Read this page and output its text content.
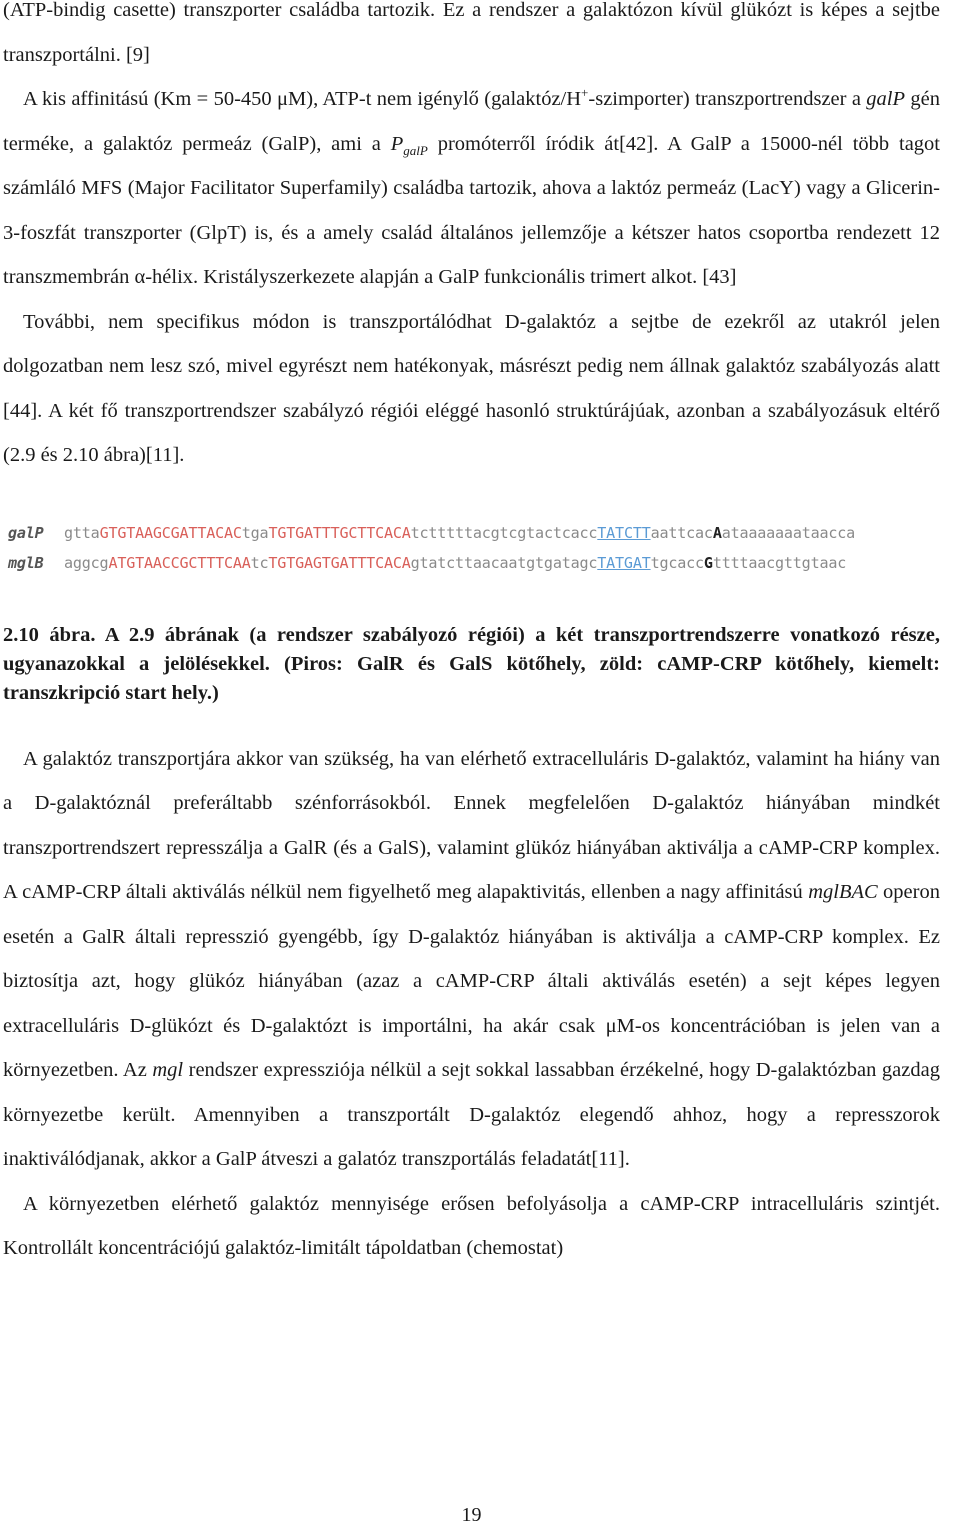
(ATP-bindig casette) transzporter családba tartozik. Ez a rendszer a galaktózon kívül glükózt is képes a sejtbe transzportálni. [9]

A kis affinitású (Km = 50-450 μM), ATP-t nem igénylő (galaktóz/H+-szimporter) transzportrendszer a galP gén terméke, a galaktóz permeáz (GalP), ami a $P_{galP}$ promóterről íródik át[42]. A GalP a 15000-nél több tagot számláló MFS (Major Facilitator Superfamily) családba tartozik, ahova a laktóz permeáz (LacY) vagy a Glicerin-3-foszfát transzporter (GlpT) is, és a amely család általános jellemzője a kétszer hatos csoportba rendezett 12 transzmembrán α-hélix. Kristályszerkezete alapján a GalP funkcionális trimert alkot. [43]

További, nem specifikus módon is transzportálódhat D-galaktóz a sejtbe de ezekről az utakról jelen dolgozatban nem lesz szó, mivel egyrészt nem hatékonyak, másrészt pedig nem állnak galaktóz szabályozás alatt [44]. A két fő transzportrendszer szabályzó régiói eléggé hasonló struktúrájúak, azonban a szabályozásuk eltérő (2.9 és 2.10 ábra)[11].

galP gttaGTGTAAGCGATTACACtgaTGTGATTTGCTTCACAtctttttacgtcgtactcaccTATCTTaattcacAataaaaaaataacca
mglB aggcgATGTAACCGCTTTCAAtcTGTGAGTGATTTCACAgtatcttaacaatgtgatagcTATGATtgcaccGttttaacgttgtaac

2.10 ábra. A 2.9 ábrának (a rendszer szabályozó régiói) a két transzportrendszerre vonatkozó része, ugyanazokkal a jelölésekkel. (Piros: GalR és GalS kötőhely, zöld: cAMP-CRP kötőhely, kiemelt: transzkripció start hely.)

A galaktóz transzportjára akkor van szükség, ha van elérhető extracelluláris D-galaktóz, valamint ha hiány van a D-galaktóznál preferáltabb szénforrásokból. Ennek megfelelően D-galaktóz hiányában mindkét transzportrendszert represszálja a GalR (és a GalS), valamint glükóz hiányában aktiválja a cAMP-CRP komplex. A cAMP-CRP általi aktiválás nélkül nem figyelhető meg alapaktivitás, ellenben a nagy affinitású mglBAC operon esetén a GalR általi represszió gyengébb, így D-galaktóz hiányában is aktiválja a cAMP-CRP komplex. Ez biztosítja azt, hogy glükóz hiányában (azaz a cAMP-CRP általi aktiválás esetén) a sejt képes legyen extracelluláris D-glükózt és D-galaktózt is importálni, ha akár csak μM-os koncentrációban is jelen van a környezetben. Az mgl rendszer expressziója nélkül a sejt sokkal lassabban érzékelné, hogy D-galaktózban gazdag környezetbe került. Amennyiben a transzportált D-galaktóz elegendő ahhoz, hogy a represszorok inaktiválódjanak, akkor a GalP átveszi a galatóz transzportálás feladatát[11].

A környezetben elérhető galaktóz mennyisége erősen befolyásolja a cAMP-CRP intracelluláris szintjét. Kontrollált koncentrációjú galaktóz-limitált tápoldatban (chemostat)

19
